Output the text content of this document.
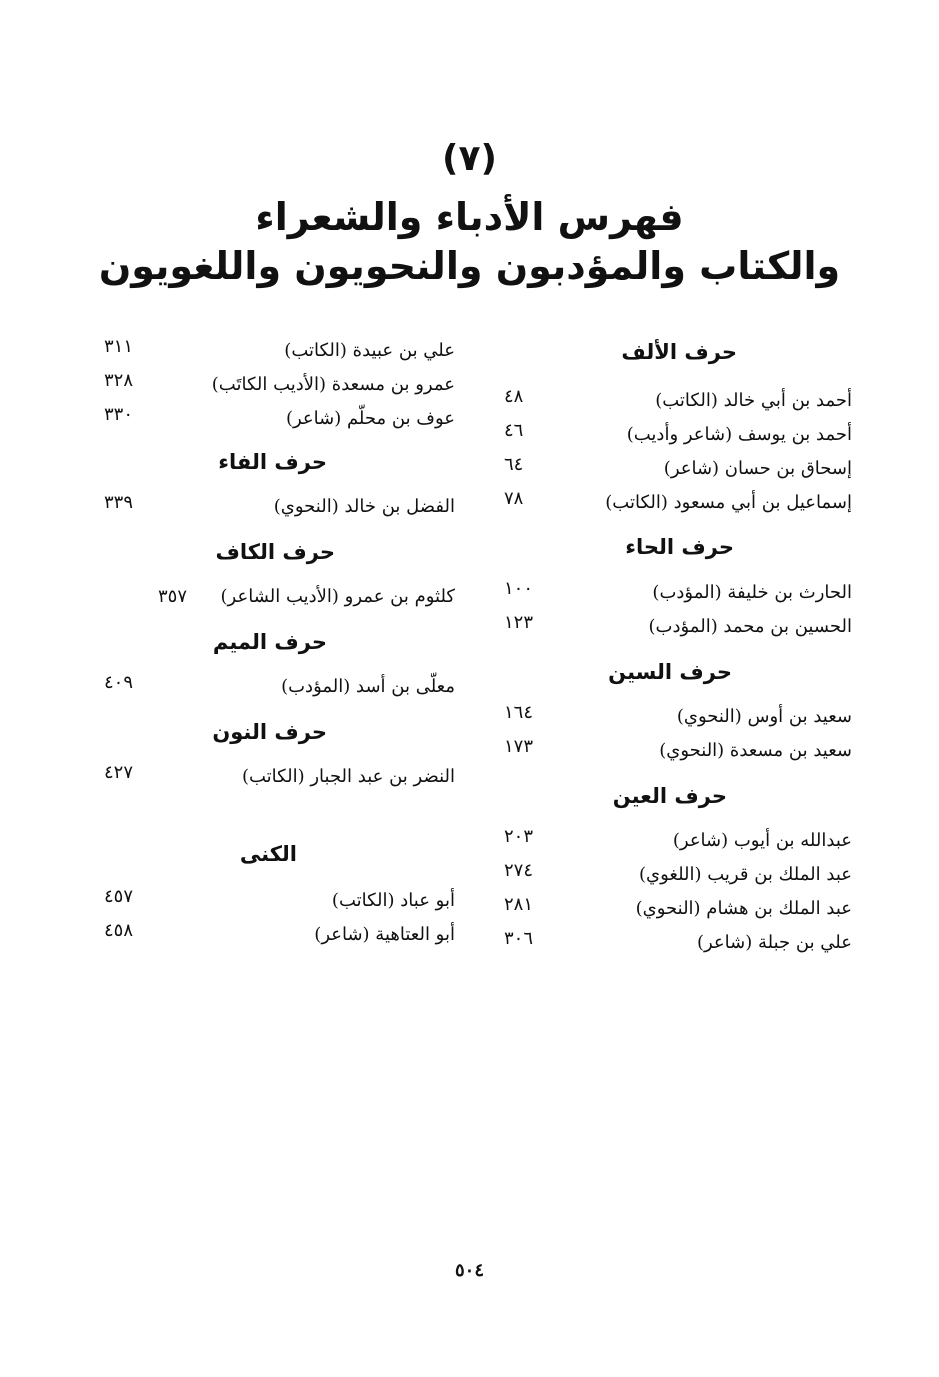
(٧)
فهرس الأدباء والشعراء
والكتاب والمؤدبون والنحويون واللغويون
حرف الألف
أحمد بن أبي خالد (الكاتب)
٤٨
أحمد بن يوسف (شاعر وأديب)
٤٦
إسحاق بن حسان (شاعر)
٦٤
إسماعيل بن أبي مسعود (الكاتب)
٧٨
حرف الحاء
الحارث بن خليفة (المؤدب)
١٠٠
الحسين بن محمد (المؤدب)
١٢٣
حرف السين
سعيد بن أوس (النحوي)
١٦٤
سعيد بن مسعدة (النحوي)
١٧٣
حرف العين
عبدالله بن أيوب (شاعر)
٢٠٣
عبد الملك بن قريب (اللغوي)
٢٧٤
عبد الملك بن هشام (النحوي)
٢٨١
علي بن جبلة (شاعر)
٣٠٦
علي بن عبيدة (الكاتب)
٣١١
عمرو بن مسعدة (الأديب الكاتَب)
٣٢٨
عوف بن محلّم (شاعر)
٣٣٠
حرف الفاء
الفضل بن خالد (النحوي)
٣٣٩
حرف الكاف
كلثوم بن عمرو (الأديب الشاعر)
٣٥٧
حرف الميم
معلّى بن أسد (المؤدب)
٤٠٩
حرف النون
النضر بن عبد الجبار (الكاتب)
٤٢٧
الكنى
أبو عباد (الكاتب)
٤٥٧
أبو العتاهية (شاعر)
٤٥٨
٥٠٤
